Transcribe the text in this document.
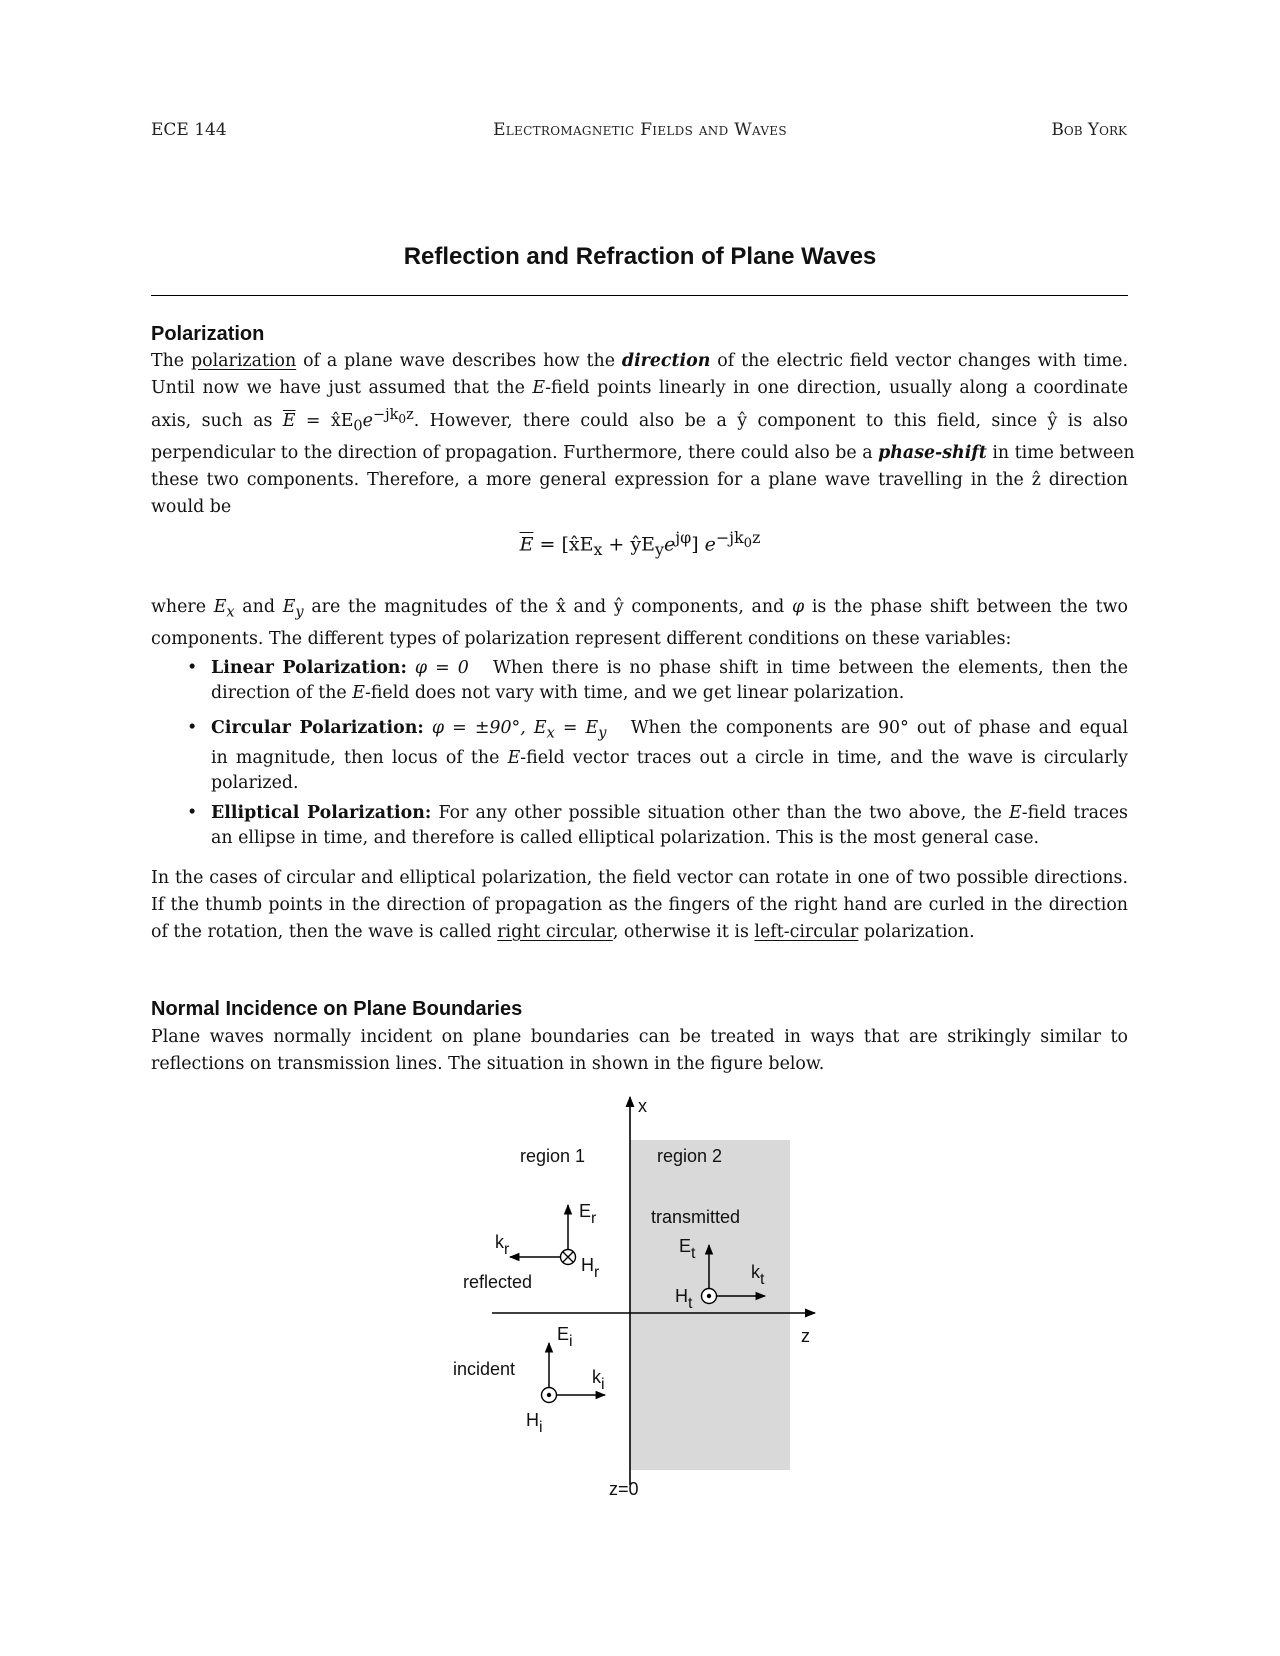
ECE 144	Electromagnetic Fields and Waves	Bob York
Reflection and Refraction of Plane Waves
Polarization
The polarization of a plane wave describes how the direction of the electric field vector changes with time.
Until now we have just assumed that the E-field points linearly in one direction, usually along a coordinate
axis, such as $\overline{E}$ = $x̂E_0e^{-jk_0z}$. However, there could also be a ŷ component to this field, since ŷ is also
perpendicular to the direction of propagation. Furthermore, there could also be a phase-shift in time between
these two components. Therefore, a more general expression for a plane wave travelling in the ẑ direction
would be
$\overline{E}$ = [$x̂E_x$ + $ŷE_ye^{j\varphi}$] $e^{-jk_0z}$
where $E_x$ and $E_y$ are the magnitudes of the x̂ and ŷ components, and φ is the phase shift between the two
components. The different types of polarization represent different conditions on these variables:
• Linear Polarization: φ = 0 When there is no phase shift in time between the elements, then the
direction of the E-field does not vary with time, and we get linear polarization.
• Circular Polarization: φ = ±90°, $E_x = E_y$ When the components are 90° out of phase and equal
in magnitude, then locus of the E-field vector traces out a circle in time, and the wave is circularly
polarized.
• Elliptical Polarization: For any other possible situation other than the two above, the E-field traces
an ellipse in time, and therefore is called elliptical polarization. This is the most general case.
In the cases of circular and elliptical polarization, the field vector can rotate in one of two possible directions.
If the thumb points in the direction of propagation as the fingers of the right hand are curled in the direction
of the rotation, then the wave is called right circular, otherwise it is left-circular polarization.
Normal Incidence on Plane Boundaries
Plane waves normally incident on plane boundaries can be treated in ways that are strikingly similar to
reflections on transmission lines. The situation in shown in the figure below.
x
z
z=0
region 1	region 2
transmitted
reflected
incident
Er
Hr
kr	Et
Ht
kt
Ei
Hi
ki
